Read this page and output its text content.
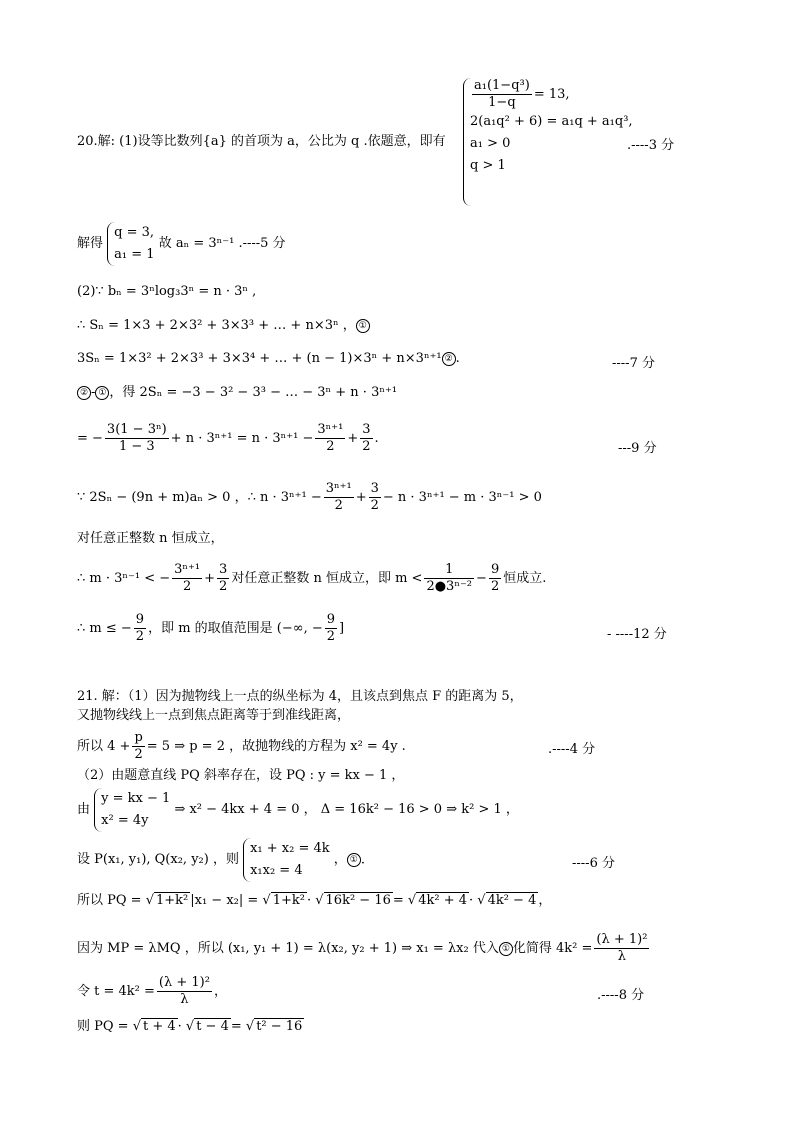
20.解: (1)设等比数列{a} 的首项为 a，公比为 q .依题意，即有
$\frac{\text{a₁(1−q³)}}{1-q} = 13$,
2(a₁q² + 6) = a₁q + a₁q³,
a₁ > 0
q > 1
.----3 分
解得
q = 3,
a₁ = 1
故 aₙ = 3ⁿ⁻¹ .----5 分
(2)∵ bₙ = 3ⁿlog₃3ⁿ = n · 3ⁿ ,
∴ Sₙ = 1×3 + 2×3² + 3×3³ + … + n×3ⁿ ， ①
3Sₙ = 1×3² + 2×3³ + 3×3⁴ + … + (n − 1)×3ⁿ + n×3ⁿ⁺¹ ② .	----7 分
② - ① ，得 2Sₙ = −3 − 3² − 3³ − … − 3ⁿ + n · 3ⁿ⁺¹
= − $\frac{\text{3(1 − 3ⁿ)}}{1 - 3} + n \cdot 3^{n+1} = n \cdot 3^{n+1} - \frac{\text{3ⁿ⁺¹}}{2} + \frac{3}{2}$ .
---9 分
∵ 2Sₙ − (9n + m)aₙ > 0 ，∴ $n \cdot 3^{n+1} - \frac{\text{3ⁿ⁺¹}}{2} + \frac{3}{2} - n \cdot 3^{n+1} - m \cdot 3^{n-1} > 0$
对任意正整数 n 恒成立，
∴ m · 3ⁿ⁻¹ < − $\frac{\text{3ⁿ⁺¹}}{2} + \frac{3}{2}$ 对任意正整数 n 恒成立，即 $m < \frac{1}{\text{2●3ⁿ⁻²}} - \frac{9}{2}$ 恒成立.
∴ m ≤ − $\frac{9}{2}$ ，即 m 的取值范围是 (−∞, − $\frac{9}{2}$ ]	- ----12 分
21. 解：（1）因为抛物线上一点的纵坐标为 4，且该点到焦点 F 的距离为 5，
又抛物线线上一点到焦点距离等于到准线距离，
所以 $4 + \frac{p}{2} = 5$ ⇒ p = 2 ，故抛物线的方程为 x² = 4y .	.----4 分
（2）由题意直线 PQ 斜率存在，设 PQ : y = kx − 1 ，
由
y = kx − 1
x² = 4y
⇒ x² − 4kx + 4 = 0 ， Δ = 16k² − 16 > 0 ⇒ k² > 1 ，
设 P(x₁, y₁), Q(x₂, y₂) ，则
x₁ + x₂ = 4k
x₁x₂ = 4
， ① .	----6 分
所以 PQ = √ 1+k² |x₁ − x₂| = √ 1+k² · √ 16k² − 16 = √ 4k² + 4 · √ 4k² − 4 ，
因为 MP = λMQ ，所以 (x₁, y₁ + 1) = λ(x₂, y₂ + 1) ⇒ x₁ = λx₂ 代入 ① 化简得 $4k^2 = \frac{\text{(λ + 1)²}}{\lambda}$
令 $t = 4k^2 = \frac{\text{(λ + 1)²}}{\lambda}$ ，	.----8 分
则 PQ = √ t + 4 · √ t − 4 = √ t² − 16
